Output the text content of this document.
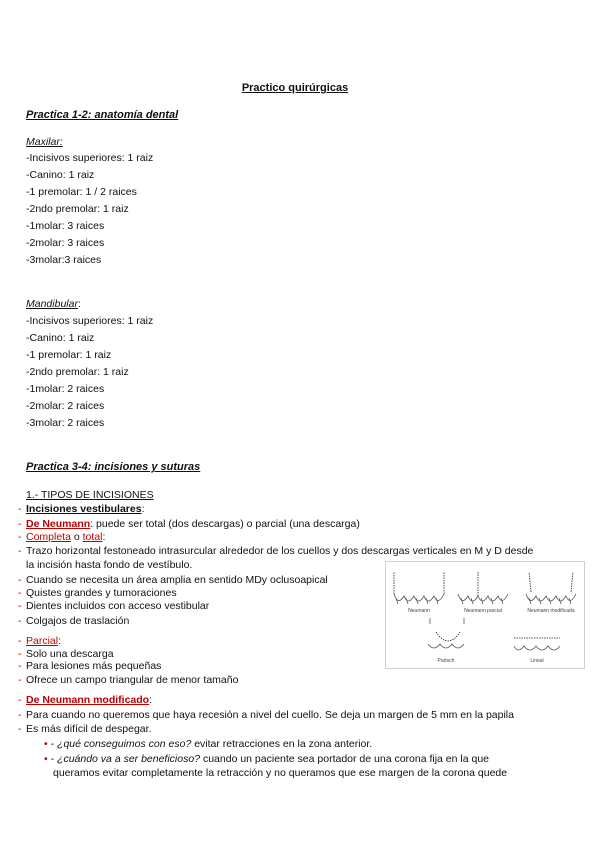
Practico quirúrgicas
Practica 1-2: anatomía dental
Maxilar:
-Incisivos superiores: 1 raiz
-Canino: 1 raiz
-1 premolar: 1 / 2 raices
-2ndo premolar: 1 raiz
-1molar: 3 raices
-2molar: 3 raices
-3molar:3 raices
Mandibular:
-Incisivos superiores: 1 raiz
-Canino: 1 raiz
-1 premolar: 1 raiz
-2ndo premolar: 1 raiz
-1molar: 2 raices
-2molar: 2 raices
-3molar: 2 raices
Practica 3-4: incisiones y suturas
1.- TIPOS DE INCISIONES
- Incisiones vestibulares:
- De Neumann: puede ser total (dos descargas) o parcial (una descarga)
- Completa o total:
- Trazo horizontal festoneado intrasurcular alrededor de los cuellos y dos descargas verticales en M y D desde
la incisión hasta fondo de vestíbulo.
- Cuando se necesita un área amplia en sentido MDy oclusoapical
- Quistes grandes y tumoraciones
- Dientes incluidos con acceso vestibular
- Colgajos de traslación
- Parcial:
- Solo una descarga
- Para lesiones más pequeñas
- Ofrece un campo triangular de menor tamaño
- De Neumann modificado:
- Para cuando no queremos que haya recesión a nivel del cuello. Se deja un margen de 5 mm en la papila
- Es más difícil de despegar.
• - ¿qué conseguimos con eso? evitar retracciones en la zona anterior.
• - ¿cuándo va a ser beneficioso? cuando un paciente sea portador de una corona fija en la que
queramos evitar completamente la retracción y no queramos que ese margen de la corona quede
Neumann	Neumann parcial	Neumann modificada
Partsch	Lineal
